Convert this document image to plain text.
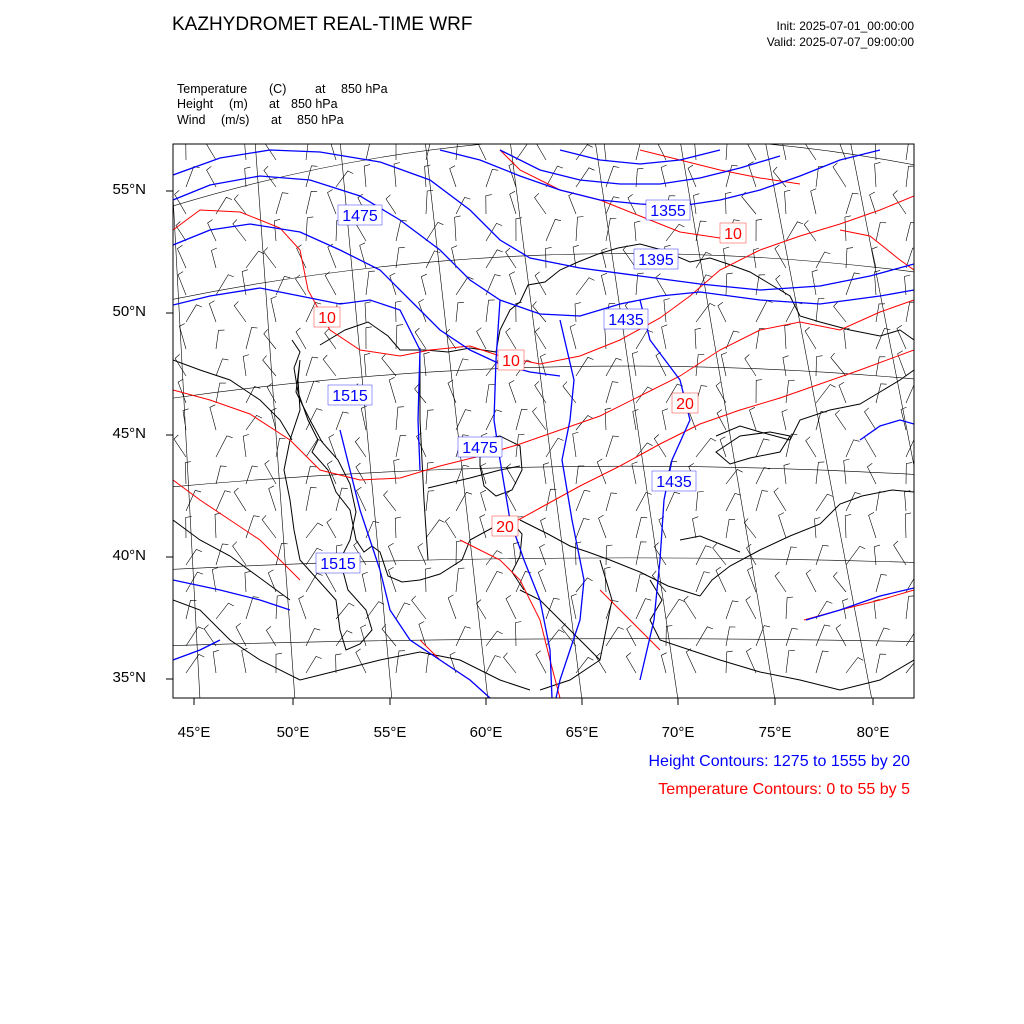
KAZHYDROMET REAL-TIME WRF	Init: 2025-07-01_00:00:00
Valid: 2025-07-07_09:00:00
Temperature (C) at 850 hPa
Height (m) at 850 hPa
Wind (m/s) at 850 hPa
1475	1355
1395
1435
1515
1475
1435
1515
10
10
10
20
20
55°N
50°N
45°N
40°N
35°N
45°E	50°E	55°E	60°E	65°E	70°E	75°E	80°E
Height Contours: 1275 to 1555 by 20
Temperature Contours: 0 to 55 by 5
